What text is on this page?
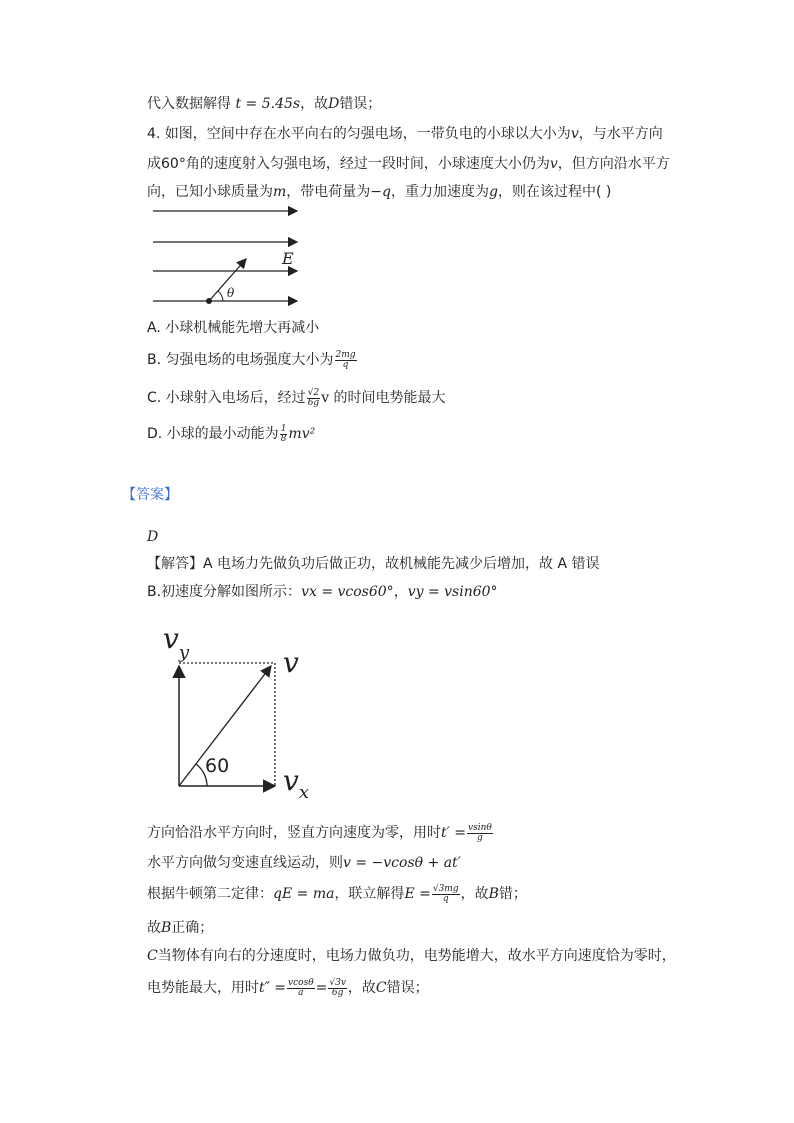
代入数据解得 t = 5.45s，故D错误；
4. 如图，空间中存在水平向右的匀强电场，一带负电的小球以大小为v，与水平方向
成60°角的速度射入匀强电场，经过一段时间，小球速度大小仍为v，但方向沿水平方
向，已知小球质量为m，带电荷量为−q，重力加速度为g，则在该过程中( )
E
θ
A. 小球机械能先增大再减小
B. 匀强电场的电场强度大小为 $\frac{2mg}{q}$
C. 小球射入电场后，经过 $\frac{√2}{6g}$ v 的时间电势能最大
D. 小球的最小动能为 $\frac{1}{8} mv^2$
【答案】
D
【解答】A 电场力先做负功后做正功，故机械能先减少后增加，故 A 错误
B.初速度分解如图所示：vx = vcos60°，vy = vsin60°
$v_y$	v
$v_x$
60
方向恰沿水平方向时，竖直方向速度为零，用时$t' = \frac{vsin\theta}{g}$
水平方向做匀变速直线运动，则v = −vcosθ + at′
根据牛顿第二定律：qE = ma，联立解得$E = \frac{√3mg}{q}$ ，故B错；
故B正确；
C当物体有向右的分速度时，电场力做负功，电势能增大，故水平方向速度恰为零时，
电势能最大，用时$t'' = \frac{vcos\theta}{a} = \frac{√3v}{6g}$ ，故C错误；
